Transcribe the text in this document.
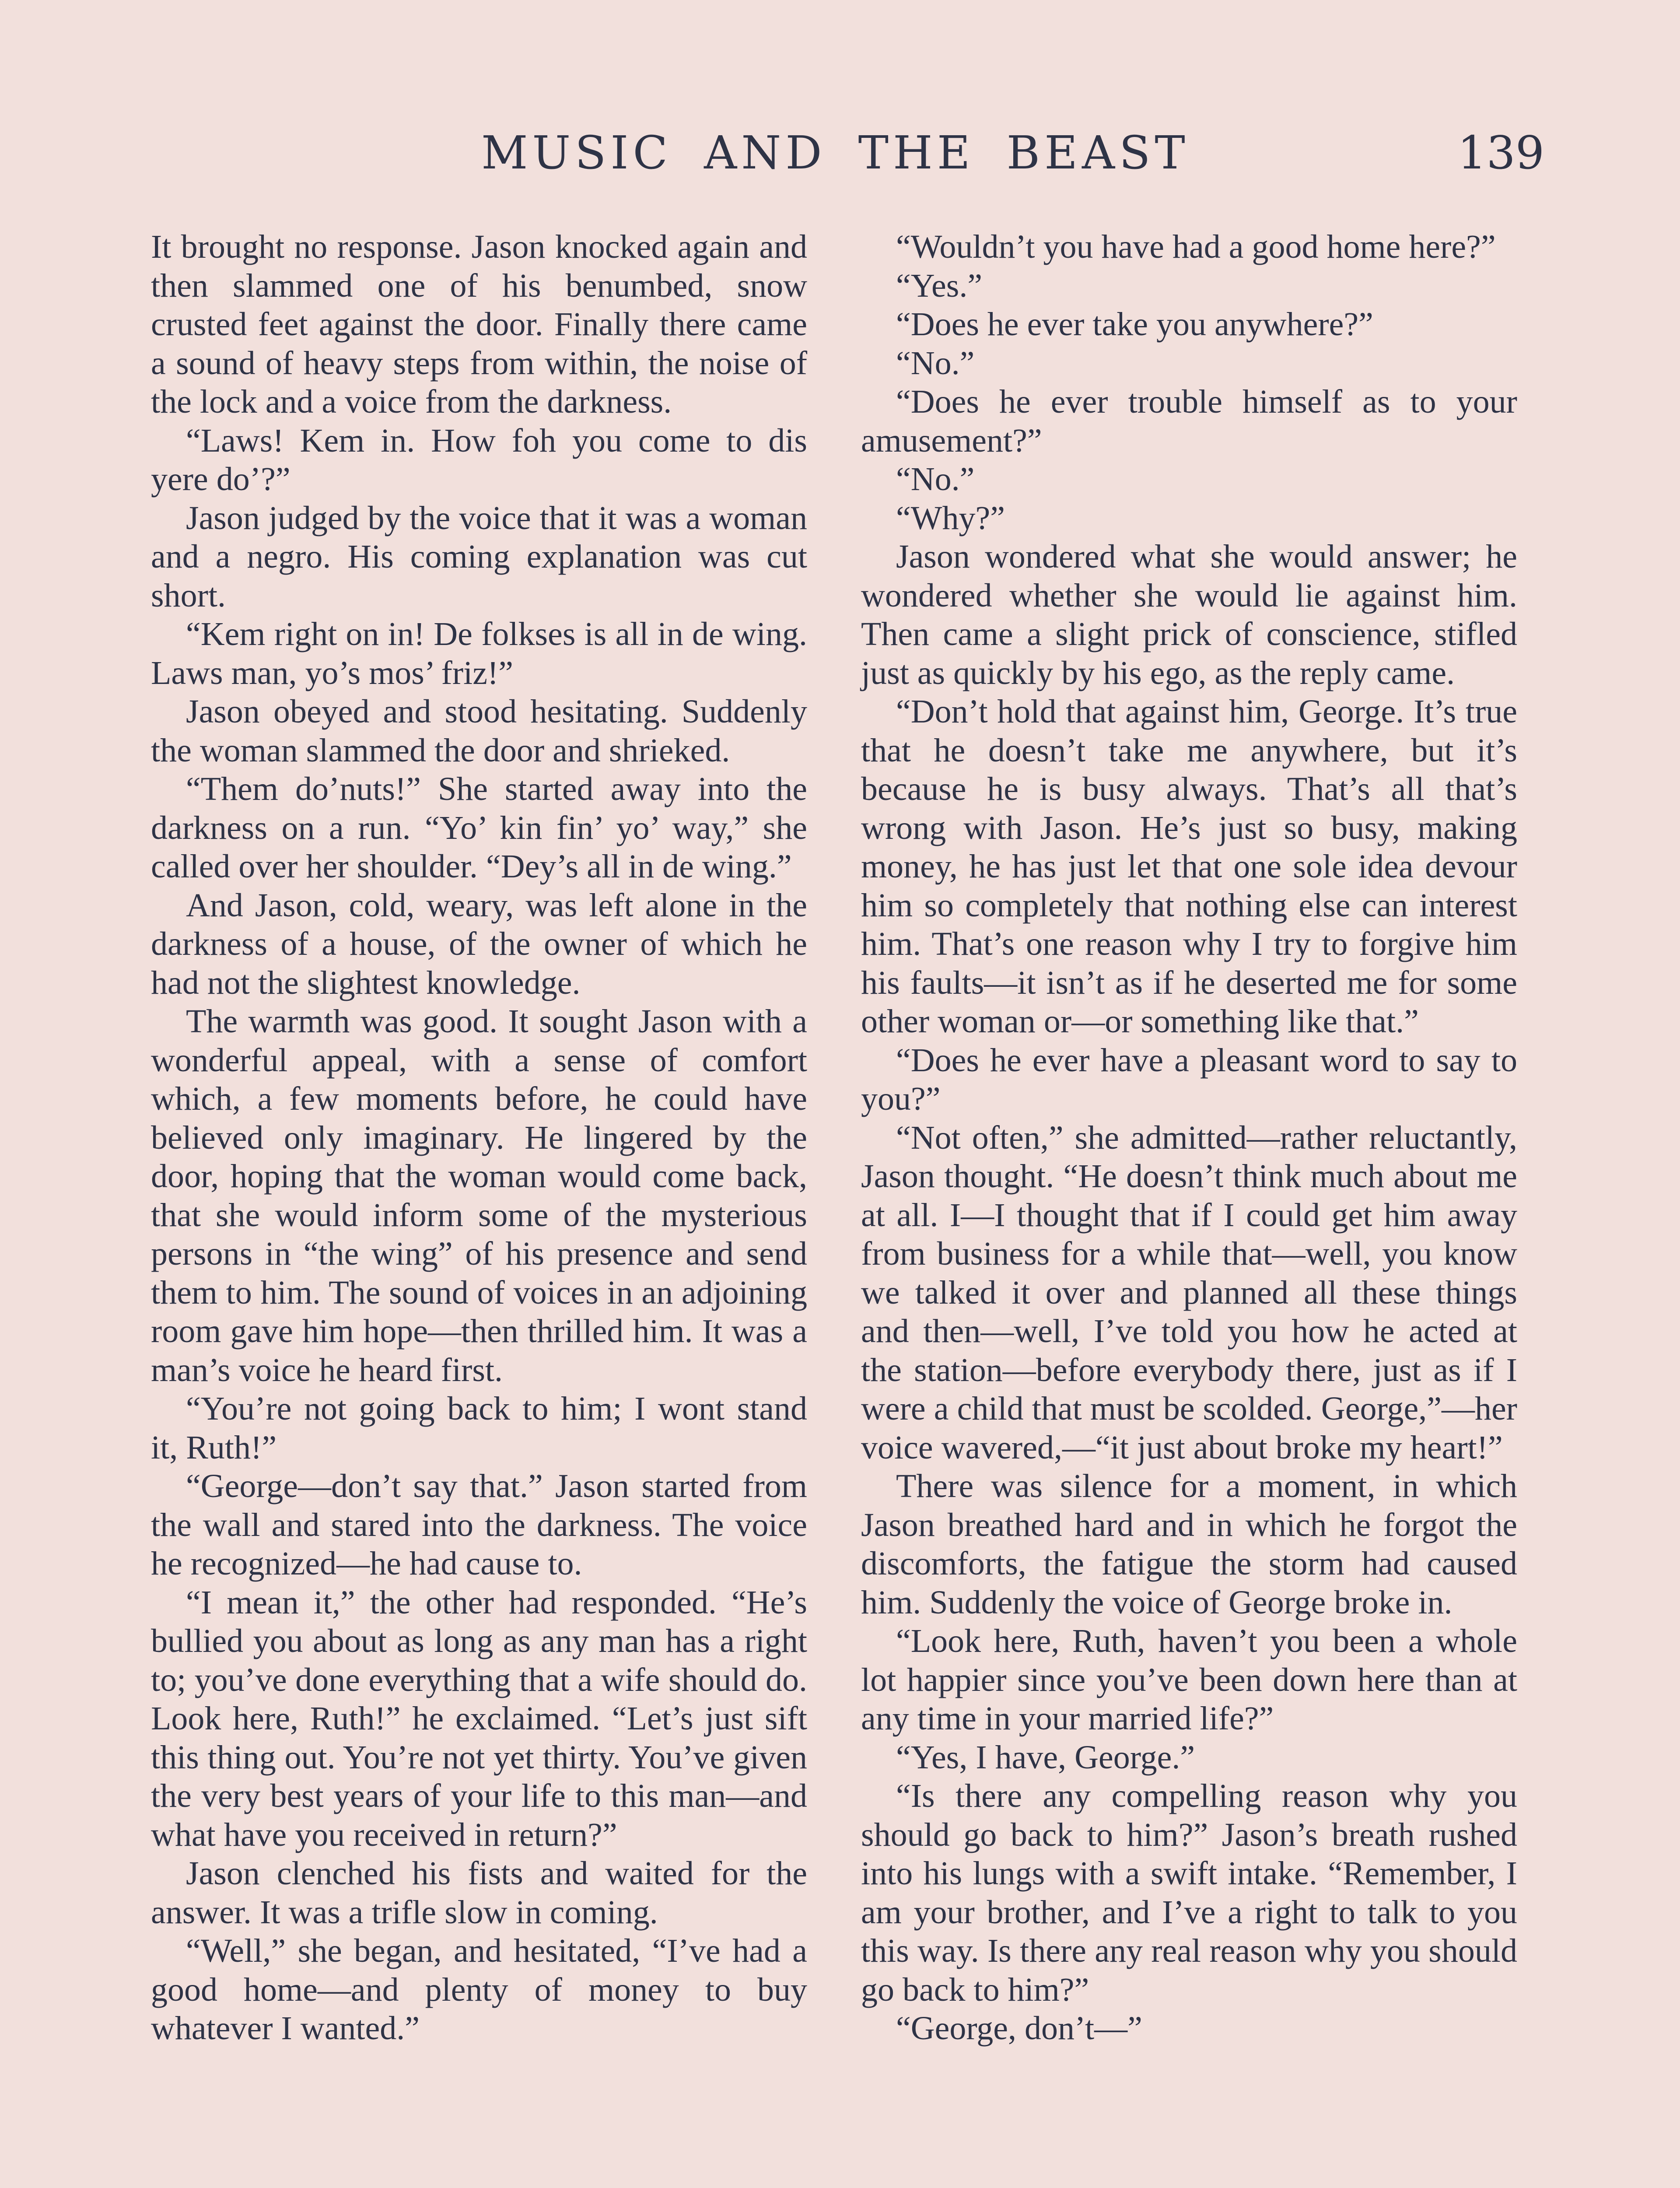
MUSIC AND THE BEAST	139

It brought no response. Jason knocked again and then slammed one of his benumbed, snow crusted feet against the door. Finally there came a sound of heavy steps from within, the noise of the lock and a voice from the darkness.

“Laws! Kem in. How foh you come to dis yere do’?”

Jason judged by the voice that it was a woman and a negro. His coming explanation was cut short.

“Kem right on in! De folkses is all in de wing. Laws man, yo’s mos’ friz!”

Jason obeyed and stood hesitating. Suddenly the woman slammed the door and shrieked.

“Them do’nuts!” She started away into the darkness on a run. “Yo’ kin fin’ yo’ way,” she called over her shoulder. “Dey’s all in de wing.”

And Jason, cold, weary, was left alone in the darkness of a house, of the owner of which he had not the slightest knowledge.

The warmth was good. It sought Jason with a wonderful appeal, with a sense of comfort which, a few moments before, he could have believed only imaginary. He lingered by the door, hoping that the woman would come back, that she would inform some of the mysterious persons in “the wing” of his presence and send them to him. The sound of voices in an adjoining room gave him hope—then thrilled him. It was a man’s voice he heard first.

“You’re not going back to him; I wont stand it, Ruth!”

“George—don’t say that.” Jason started from the wall and stared into the darkness. The voice he recognized—he had cause to.

“I mean it,” the other had responded. “He’s bullied you about as long as any man has a right to; you’ve done everything that a wife should do. Look here, Ruth!” he exclaimed. “Let’s just sift this thing out. You’re not yet thirty. You’ve given the very best years of your life to this man—and what have you received in return?”

Jason clenched his fists and waited for the answer. It was a trifle slow in coming.

“Well,” she began, and hesitated, “I’ve had a good home—and plenty of money to buy whatever I wanted.”

“Wouldn’t you have had a good home here?”

“Yes.”

“Does he ever take you anywhere?”

“No.”

“Does he ever trouble himself as to your amusement?”

“No.”

“Why?”

Jason wondered what she would answer; he wondered whether she would lie against him. Then came a slight prick of conscience, stifled just as quickly by his ego, as the reply came.

“Don’t hold that against him, George. It’s true that he doesn’t take me anywhere, but it’s because he is busy always. That’s all that’s wrong with Jason. He’s just so busy, making money, he has just let that one sole idea devour him so completely that nothing else can interest him. That’s one reason why I try to forgive him his faults—it isn’t as if he deserted me for some other woman or—or something like that.”

“Does he ever have a pleasant word to say to you?”

“Not often,” she admitted—rather reluctantly, Jason thought. “He doesn’t think much about me at all. I—I thought that if I could get him away from business for a while that—well, you know we talked it over and planned all these things and then—well, I’ve told you how he acted at the station—before everybody there, just as if I were a child that must be scolded. George,”—her voice wavered,—“it just about broke my heart!”

There was silence for a moment, in which Jason breathed hard and in which he forgot the discomforts, the fatigue the storm had caused him. Suddenly the voice of George broke in.

“Look here, Ruth, haven’t you been a whole lot happier since you’ve been down here than at any time in your married life?”

“Yes, I have, George.”

“Is there any compelling reason why you should go back to him?” Jason’s breath rushed into his lungs with a swift intake. “Remember, I am your brother, and I’ve a right to talk to you this way. Is there any real reason why you should go back to him?”

“George, don’t—”
